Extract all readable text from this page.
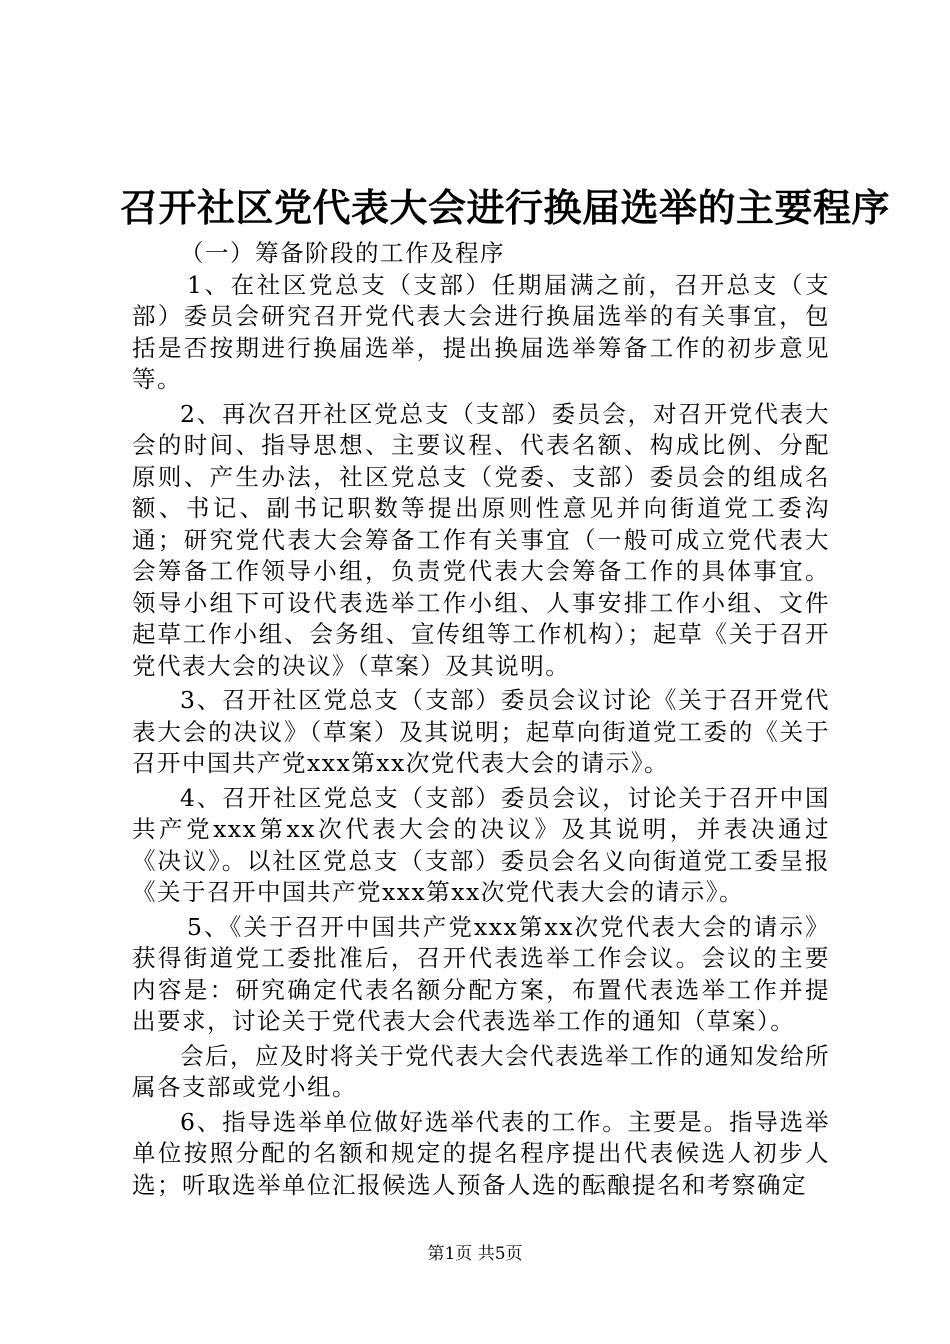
召开社区党代表大会进行换届选举的主要程序

（一）筹备阶段的工作及程序

1、在社区党总支（支部）任期届满之前，召开总支（支部）委员会研究召开党代表大会进行换届选举的有关事宜，包括是否按期进行换届选举，提出换届选举筹备工作的初步意见等。

2、再次召开社区党总支（支部）委员会，对召开党代表大会的时间、指导思想、主要议程、代表名额、构成比例、分配原则、产生办法，社区党总支（党委、支部）委员会的组成名额、书记、副书记职数等提出原则性意见并向街道党工委沟通；研究党代表大会筹备工作有关事宜（一般可成立党代表大会筹备工作领导小组，负责党代表大会筹备工作的具体事宜。领导小组下可设代表选举工作小组、人事安排工作小组、文件起草工作小组、会务组、宣传组等工作机构）；起草《关于召开党代表大会的决议》（草案）及其说明。

3、召开社区党总支（支部）委员会议讨论《关于召开党代表大会的决议》（草案）及其说明；起草向街道党工委的《关于召开中国共产党xxx第xx次党代表大会的请示》。

4、召开社区党总支（支部）委员会议，讨论关于召开中国共产党xxx第xx次代表大会的决议》及其说明，并表决通过《决议》。以社区党总支（支部）委员会名义向街道党工委呈报《关于召开中国共产党xxx第xx次党代表大会的请示》。

5、《关于召开中国共产党xxx第xx次党代表大会的请示》获得街道党工委批准后，召开代表选举工作会议。会议的主要内容是：研究确定代表名额分配方案，布置代表选举工作并提出要求，讨论关于党代表大会代表选举工作的通知（草案）。

会后，应及时将关于党代表大会代表选举工作的通知发给所属各支部或党小组。

6、指导选举单位做好选举代表的工作。主要是。指导选举单位按照分配的名额和规定的提名程序提出代表候选人初步人选；听取选举单位汇报候选人预备人选的酝酿提名和考察确定

第1页 共5页
